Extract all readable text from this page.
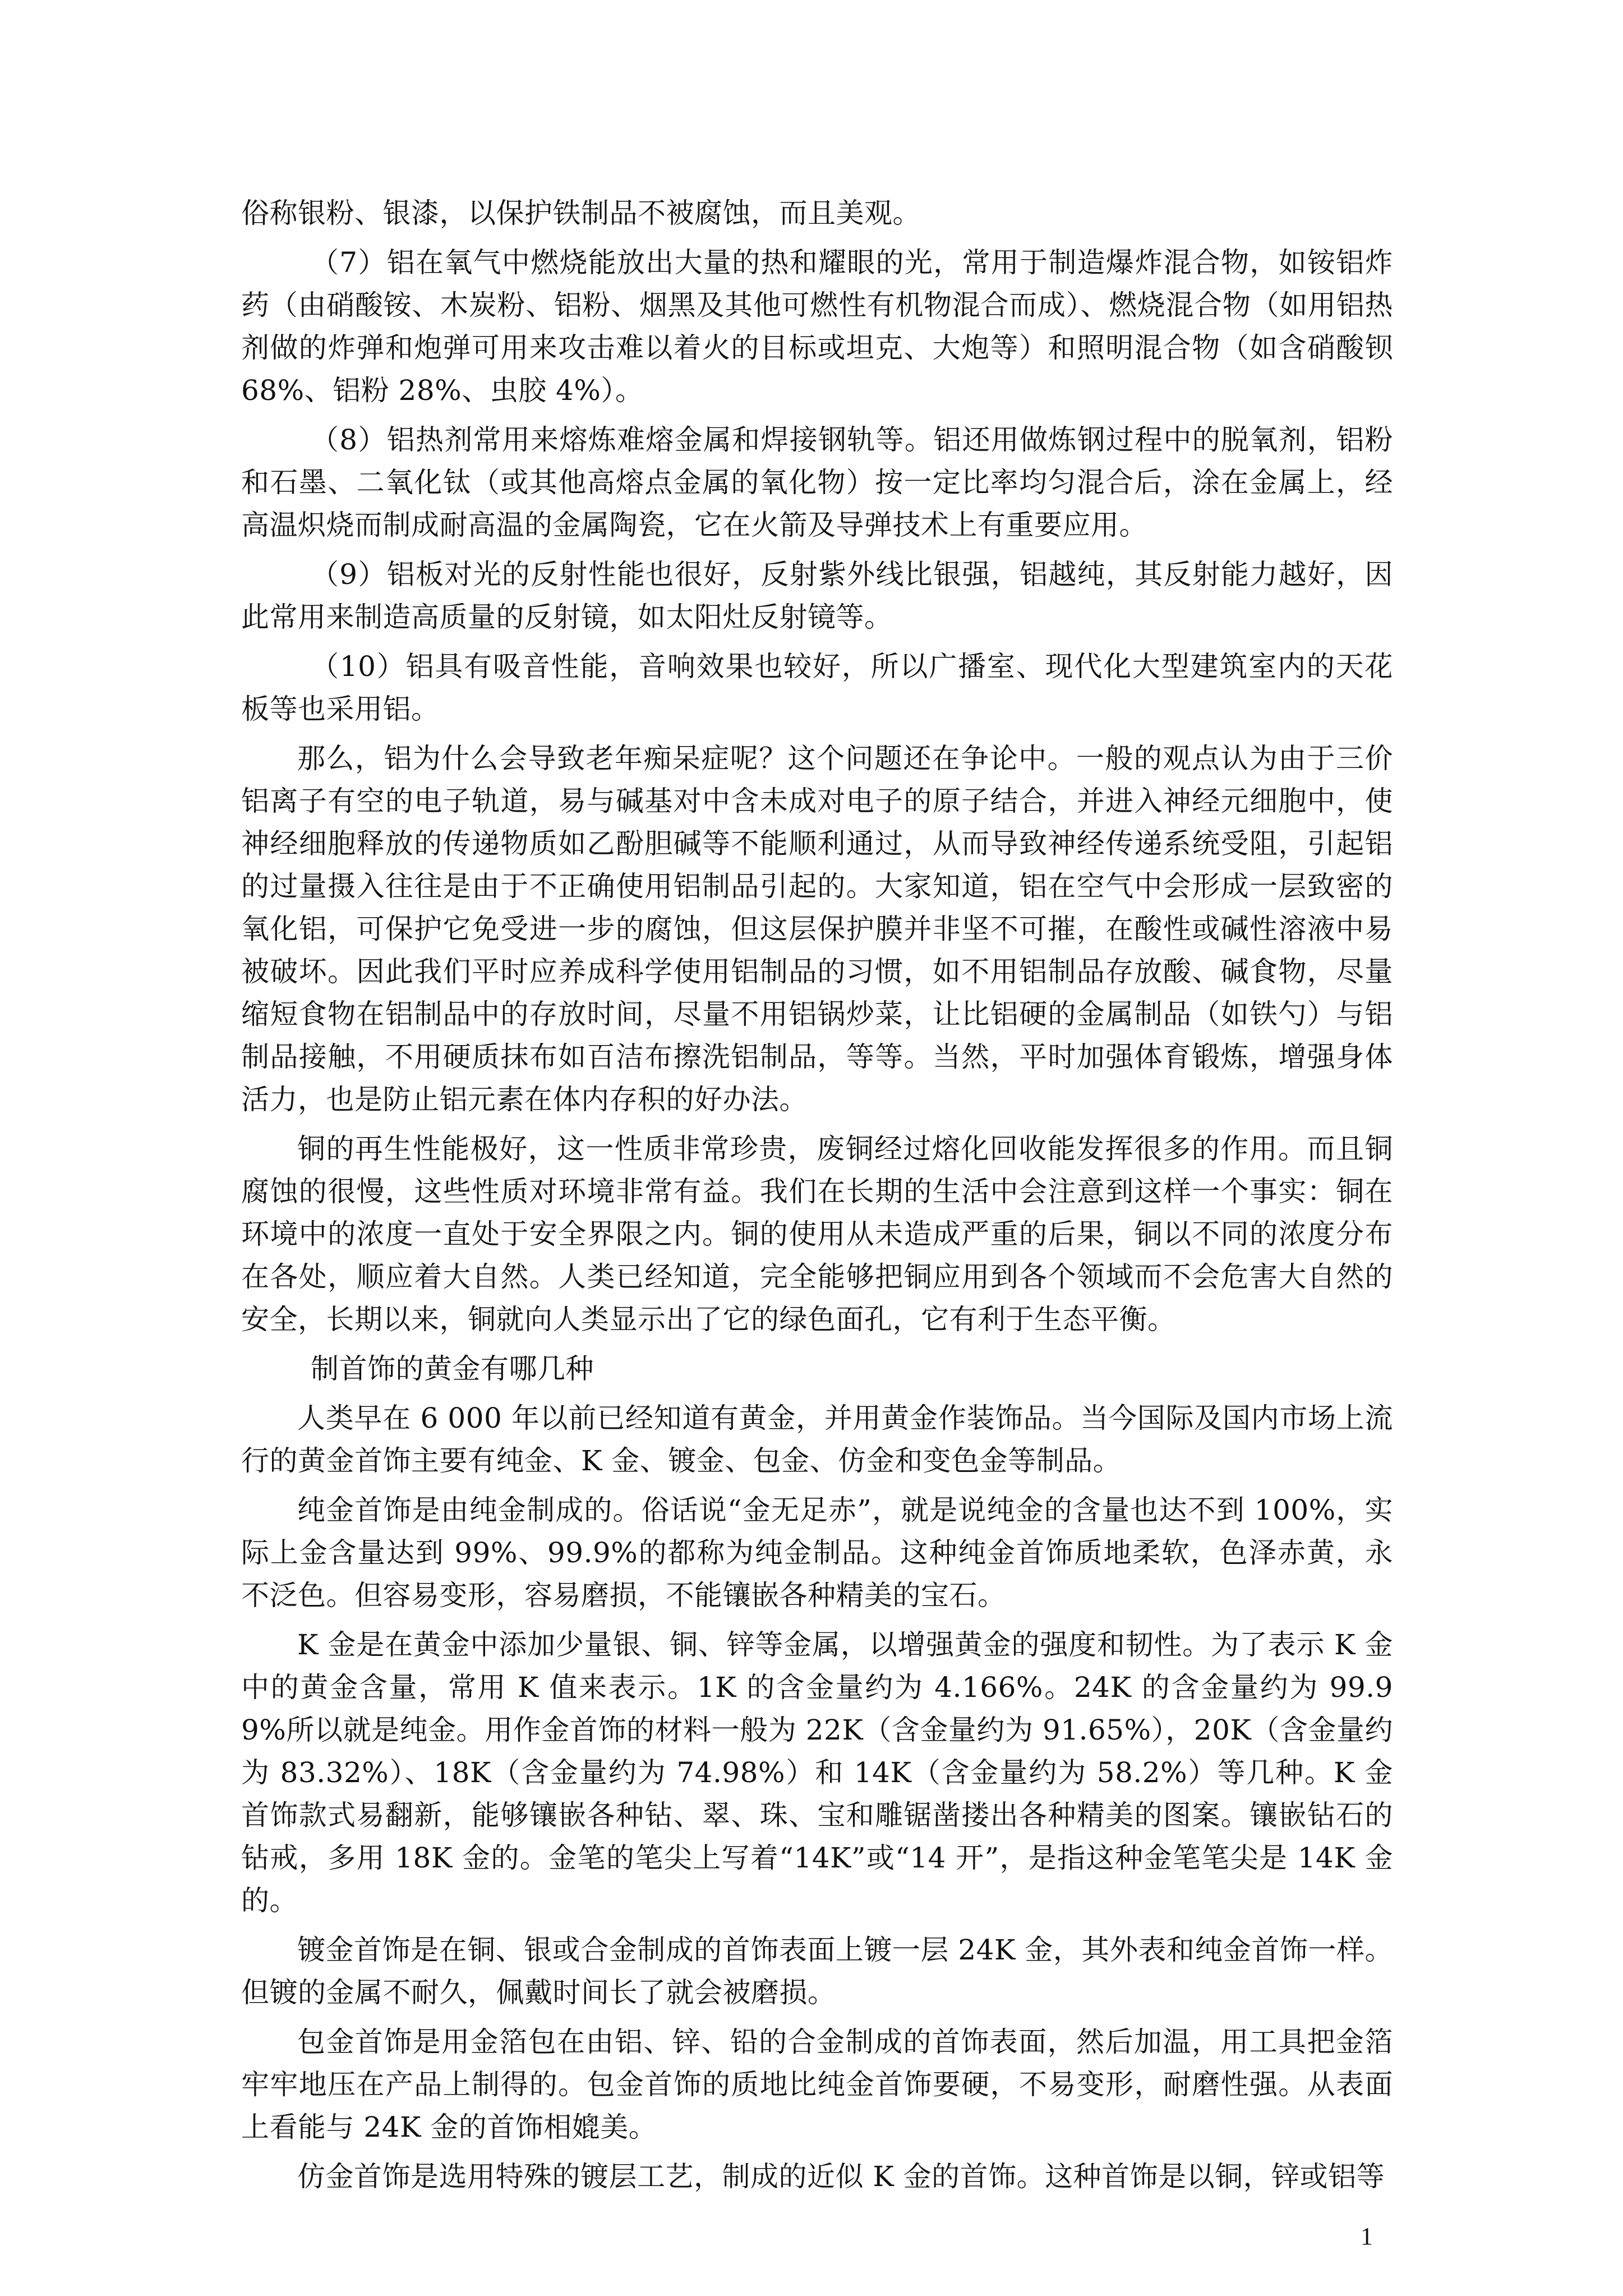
俗称银粉、银漆，以保护铁制品不被腐蚀，而且美观。

（7）铝在氧气中燃烧能放出大量的热和耀眼的光，常用于制造爆炸混合物，如铵铝炸药（由硝酸铵、木炭粉、铝粉、烟黑及其他可燃性有机物混合而成）、燃烧混合物（如用铝热剂做的炸弹和炮弹可用来攻击难以着火的目标或坦克、大炮等）和照明混合物（如含硝酸钡 68%、铝粉 28%、虫胶 4%）。

（8）铝热剂常用来熔炼难熔金属和焊接钢轨等。铝还用做炼钢过程中的脱氧剂，铝粉和石墨、二氧化钛（或其他高熔点金属的氧化物）按一定比率均匀混合后，涂在金属上，经高温炽烧而制成耐高温的金属陶瓷，它在火箭及导弹技术上有重要应用。

（9）铝板对光的反射性能也很好，反射紫外线比银强，铝越纯，其反射能力越好，因此常用来制造高质量的反射镜，如太阳灶反射镜等。

（10）铝具有吸音性能，音响效果也较好，所以广播室、现代化大型建筑室内的天花板等也采用铝。

那么，铝为什么会导致老年痴呆症呢？这个问题还在争论中。一般的观点认为由于三价铝离子有空的电子轨道，易与碱基对中含未成对电子的原子结合，并进入神经元细胞中，使神经细胞释放的传递物质如乙酚胆碱等不能顺利通过，从而导致神经传递系统受阻，引起铝的过量摄入往往是由于不正确使用铝制品引起的。大家知道，铝在空气中会形成一层致密的氧化铝，可保护它免受进一步的腐蚀，但这层保护膜并非坚不可摧，在酸性或碱性溶液中易被破坏。因此我们平时应养成科学使用铝制品的习惯，如不用铝制品存放酸、碱食物，尽量缩短食物在铝制品中的存放时间，尽量不用铝锅炒菜，让比铝硬的金属制品（如铁勺）与铝制品接触，不用硬质抹布如百洁布擦洗铝制品，等等。当然，平时加强体育锻炼，增强身体活力，也是防止铝元素在体内存积的好办法。

铜的再生性能极好，这一性质非常珍贵，废铜经过熔化回收能发挥很多的作用。而且铜腐蚀的很慢，这些性质对环境非常有益。我们在长期的生活中会注意到这样一个事实：铜在环境中的浓度一直处于安全界限之内。铜的使用从未造成严重的后果，铜以不同的浓度分布在各处，顺应着大自然。人类已经知道，完全能够把铜应用到各个领域而不会危害大自然的安全，长期以来，铜就向人类显示出了它的绿色面孔，它有利于生态平衡。

制首饰的黄金有哪几种

人类早在 6 000 年以前已经知道有黄金，并用黄金作装饰品。当今国际及国内市场上流行的黄金首饰主要有纯金、K 金、镀金、包金、仿金和变色金等制品。

纯金首饰是由纯金制成的。俗话说“金无足赤”，就是说纯金的含量也达不到 100%，实际上金含量达到 99%、99.9%的都称为纯金制品。这种纯金首饰质地柔软，色泽赤黄，永不泛色。但容易变形，容易磨损，不能镶嵌各种精美的宝石。

K 金是在黄金中添加少量银、铜、锌等金属，以增强黄金的强度和韧性。为了表示 K 金中的黄金含量，常用 K 值来表示。1K 的含金量约为 4.166%。24K 的含金量约为 99.99%所以就是纯金。用作金首饰的材料一般为 22K（含金量约为 91.65%），20K（含金量约为 83.32%）、18K（含金量约为 74.98%）和 14K（含金量约为 58.2%）等几种。K 金首饰款式易翻新，能够镶嵌各种钻、翠、珠、宝和雕锯凿搂出各种精美的图案。镶嵌钻石的钻戒，多用 18K 金的。金笔的笔尖上写着“14K”或“14 开”，是指这种金笔笔尖是 14K 金的。

镀金首饰是在铜、银或合金制成的首饰表面上镀一层 24K 金，其外表和纯金首饰一样。但镀的金属不耐久，佩戴时间长了就会被磨损。

包金首饰是用金箔包在由铝、锌、铅的合金制成的首饰表面，然后加温，用工具把金箔牢牢地压在产品上制得的。包金首饰的质地比纯金首饰要硬，不易变形，耐磨性强。从表面上看能与 24K 金的首饰相媲美。

仿金首饰是选用特殊的镀层工艺，制成的近似 K 金的首饰。这种首饰是以铜，锌或铝等

1
